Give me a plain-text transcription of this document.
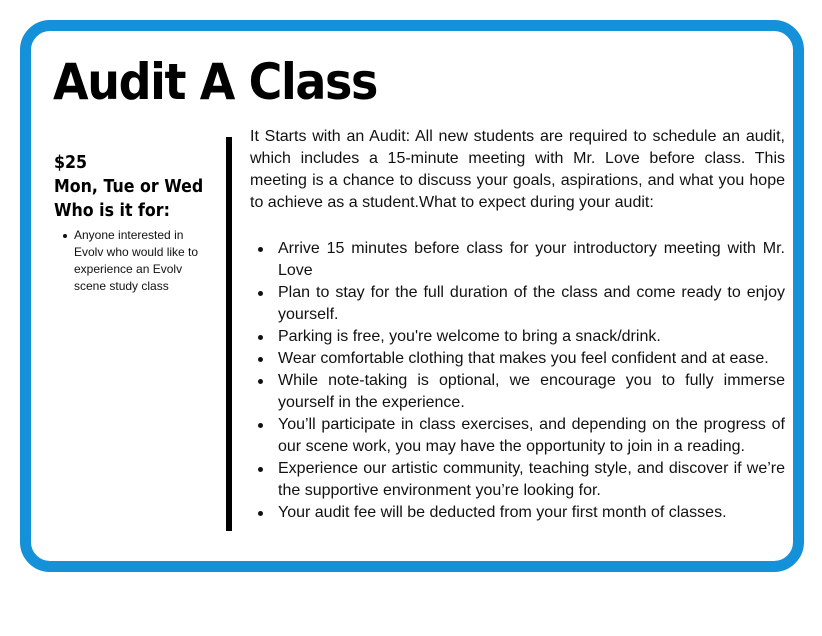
Audit A Class

$25

Mon, Tue or Wed

Who is it for:

Anyone interested in Evolv who would like to experience an Evolv scene study class

It Starts with an Audit: All new students are required to schedule an audit, which includes a 15-minute meeting with Mr. Love before class. This meeting is a chance to discuss your goals, aspirations, and what you hope to achieve as a student.What to expect during your audit:

Arrive 15 minutes before class for your introductory meeting with Mr. Love
Plan to stay for the full duration of the class and come ready to enjoy yourself.
Parking is free, you're welcome to bring a snack/drink.
Wear comfortable clothing that makes you feel confident and at ease.
While note-taking is optional, we encourage you to fully immerse yourself in the experience.
You’ll participate in class exercises, and depending on the progress of our scene work, you may have the opportunity to join in a reading.
Experience our artistic community, teaching style, and discover if we’re the supportive environment you’re looking for.
Your audit fee will be deducted from your first month of classes.
